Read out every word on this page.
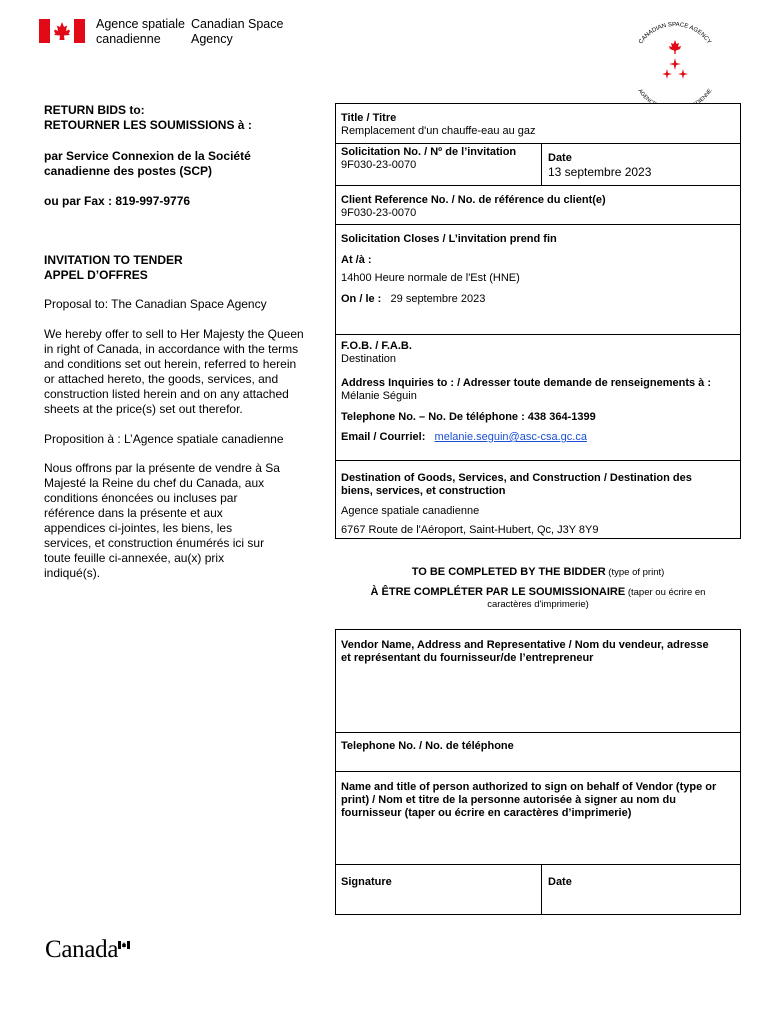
Agence spatiale
canadienne
Canadian Space
Agency	CANADIAN SPACE AGENCY
AGENC DIENNE
RETURN BIDS to:
RETOURNER LES SOUMISSIONS à :
par Service Connexion de la Société
canadienne des postes (SCP)
ou par Fax : 819-997-9776
INVITATION TO TENDER
APPEL D’OFFRES
Proposal to: The Canadian Space Agency
We hereby offer to sell to Her Majesty the Queen
in right of Canada, in accordance with the terms
and conditions set out herein, referred to herein
or attached hereto, the goods, services, and
construction listed herein and on any attached
sheets at the price(s) set out therefor.
Proposition à : L’Agence spatiale canadienne
Nous offrons par la présente de vendre à Sa
Majesté la Reine du chef du Canada, aux
conditions énoncées ou incluses par
référence dans la présente et aux
appendices ci-jointes, les biens, les
services, et construction énumérés ici sur
toute feuille ci-annexée, au(x) prix
indiqué(s).
Title / Titre
Remplacement d'un chauffe-eau au gaz
Solicitation No. / Nº de l’invitation
9F030-23-0070
Date
13 septembre 2023
Client Reference No. / No. de référence du client(e)
9F030-23-0070
Solicitation Closes / L’invitation prend fin
At /à :
14h00 Heure normale de l'Est (HNE)
On / le : 29 septembre 2023
F.O.B. / F.A.B.
Destination
Address Inquiries to : / Adresser toute demande de renseignements à :
Mélanie Séguin
Telephone No. – No. De téléphone : 438 364-1399
Email / Courriel: melanie.seguin@asc-csa.gc.ca
Destination of Goods, Services, and Construction / Destination des
biens, services, et construction
Agence spatiale canadienne
6767 Route de l'Aéroport, Saint-Hubert, Qc, J3Y 8Y9
TO BE COMPLETED BY THE BIDDER (type of print)
À ÊTRE COMPLÉTER PAR LE SOUMISSIONAIRE (taper ou écrire en
caractères d'imprimerie)
Vendor Name, Address and Representative / Nom du vendeur, adresse
et représentant du fournisseur/de l’entrepreneur
Telephone No. / No. de téléphone
Name and title of person authorized to sign on behalf of Vendor (type or
print) / Nom et titre de la personne autorisée à signer au nom du
fournisseur (taper ou écrire en caractères d’imprimerie)
Signature	Date
Canada
